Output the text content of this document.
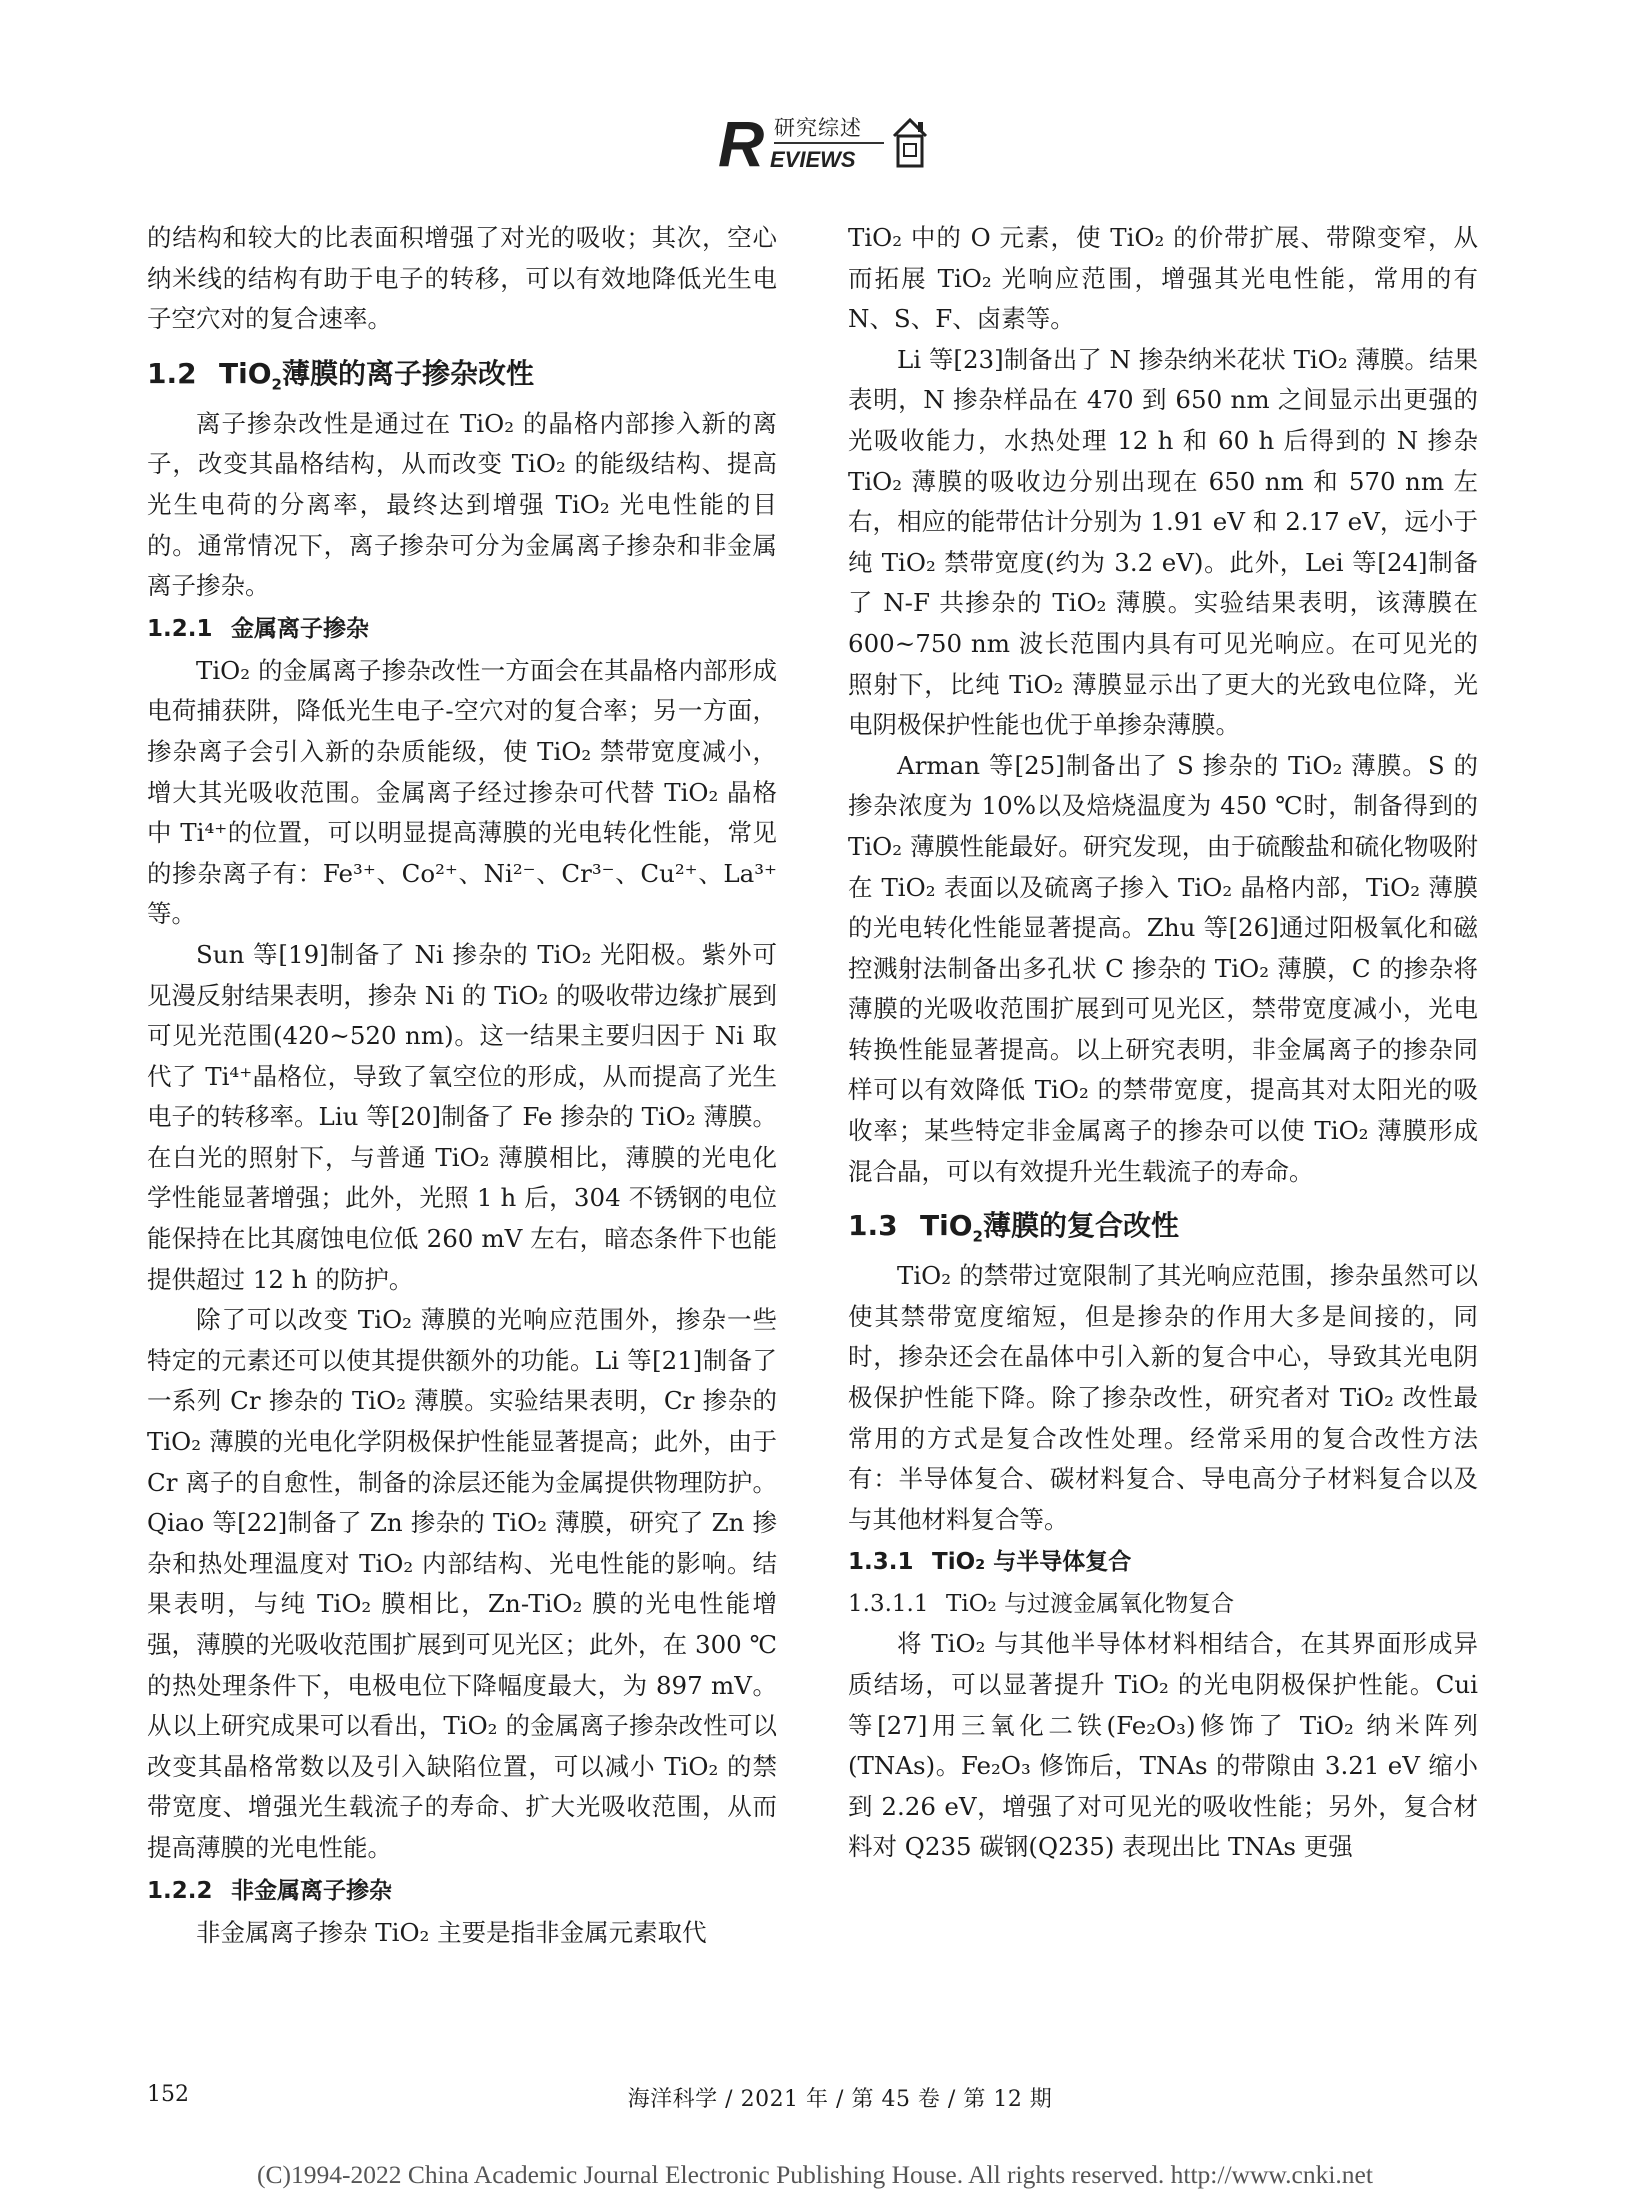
R 研究综述
EVIEWS

的结构和较大的比表面积增强了对光的吸收；其次，空心纳米线的结构有助于电子的转移，可以有效地降低光生电子空穴对的复合速率。

1.2 TiO$_2$薄膜的离子掺杂改性

离子掺杂改性是通过在 TiO₂ 的晶格内部掺入新的离子，改变其晶格结构，从而改变 TiO₂ 的能级结构、提高光生电荷的分离率，最终达到增强 TiO₂ 光电性能的目的。通常情况下，离子掺杂可分为金属离子掺杂和非金属离子掺杂。

1.2.1 金属离子掺杂

TiO₂ 的金属离子掺杂改性一方面会在其晶格内部形成电荷捕获阱，降低光生电子-空穴对的复合率；另一方面，掺杂离子会引入新的杂质能级，使 TiO₂ 禁带宽度减小，增大其光吸收范围。金属离子经过掺杂可代替 TiO₂ 晶格中 Ti⁴⁺的位置，可以明显提高薄膜的光电转化性能，常见的掺杂离子有：Fe³⁺、Co²⁺、Ni²⁻、Cr³⁻、Cu²⁺、La³⁺等。

Sun 等[19]制备了 Ni 掺杂的 TiO₂ 光阳极。紫外可见漫反射结果表明，掺杂 Ni 的 TiO₂ 的吸收带边缘扩展到可见光范围(420~520 nm)。这一结果主要归因于 Ni 取代了 Ti⁴⁺晶格位，导致了氧空位的形成，从而提高了光生电子的转移率。Liu 等[20]制备了 Fe 掺杂的 TiO₂ 薄膜。在白光的照射下，与普通 TiO₂ 薄膜相比，薄膜的光电化学性能显著增强；此外，光照 1 h 后，304 不锈钢的电位能保持在比其腐蚀电位低 260 mV 左右，暗态条件下也能提供超过 12 h 的防护。

除了可以改变 TiO₂ 薄膜的光响应范围外，掺杂一些特定的元素还可以使其提供额外的功能。Li 等[21]制备了一系列 Cr 掺杂的 TiO₂ 薄膜。实验结果表明，Cr 掺杂的 TiO₂ 薄膜的光电化学阴极保护性能显著提高；此外，由于 Cr 离子的自愈性，制备的涂层还能为金属提供物理防护。Qiao 等[22]制备了 Zn 掺杂的 TiO₂ 薄膜，研究了 Zn 掺杂和热处理温度对 TiO₂ 内部结构、光电性能的影响。结果表明，与纯 TiO₂ 膜相比，Zn-TiO₂ 膜的光电性能增强，薄膜的光吸收范围扩展到可见光区；此外，在 300 ℃的热处理条件下，电极电位下降幅度最大，为 897 mV。从以上研究成果可以看出，TiO₂ 的金属离子掺杂改性可以改变其晶格常数以及引入缺陷位置，可以减小 TiO₂ 的禁带宽度、增强光生载流子的寿命、扩大光吸收范围，从而提高薄膜的光电性能。

1.2.2 非金属离子掺杂

非金属离子掺杂 TiO₂ 主要是指非金属元素取代

TiO₂ 中的 O 元素，使 TiO₂ 的价带扩展、带隙变窄，从而拓展 TiO₂ 光响应范围，增强其光电性能，常用的有 N、S、F、卤素等。

Li 等[23]制备出了 N 掺杂纳米花状 TiO₂ 薄膜。结果表明，N 掺杂样品在 470 到 650 nm 之间显示出更强的光吸收能力，水热处理 12 h 和 60 h 后得到的 N 掺杂 TiO₂ 薄膜的吸收边分别出现在 650 nm 和 570 nm 左右，相应的能带估计分别为 1.91 eV 和 2.17 eV，远小于纯 TiO₂ 禁带宽度(约为 3.2 eV)。此外，Lei 等[24]制备了 N-F 共掺杂的 TiO₂ 薄膜。实验结果表明，该薄膜在 600~750 nm 波长范围内具有可见光响应。在可见光的照射下，比纯 TiO₂ 薄膜显示出了更大的光致电位降，光电阴极保护性能也优于单掺杂薄膜。

Arman 等[25]制备出了 S 掺杂的 TiO₂ 薄膜。S 的掺杂浓度为 10%以及焙烧温度为 450 ℃时，制备得到的 TiO₂ 薄膜性能最好。研究发现，由于硫酸盐和硫化物吸附在 TiO₂ 表面以及硫离子掺入 TiO₂ 晶格内部，TiO₂ 薄膜的光电转化性能显著提高。Zhu 等[26]通过阳极氧化和磁控溅射法制备出多孔状 C 掺杂的 TiO₂ 薄膜，C 的掺杂将薄膜的光吸收范围扩展到可见光区，禁带宽度减小，光电转换性能显著提高。以上研究表明，非金属离子的掺杂同样可以有效降低 TiO₂ 的禁带宽度，提高其对太阳光的吸收率；某些特定非金属离子的掺杂可以使 TiO₂ 薄膜形成混合晶，可以有效提升光生载流子的寿命。

1.3 TiO$_2$薄膜的复合改性

TiO₂ 的禁带过宽限制了其光响应范围，掺杂虽然可以使其禁带宽度缩短，但是掺杂的作用大多是间接的，同时，掺杂还会在晶体中引入新的复合中心，导致其光电阴极保护性能下降。除了掺杂改性，研究者对 TiO₂ 改性最常用的方式是复合改性处理。经常采用的复合改性方法有：半导体复合、碳材料复合、导电高分子材料复合以及与其他材料复合等。

1.3.1 TiO₂ 与半导体复合
1.3.1.1 TiO₂ 与过渡金属氧化物复合

将 TiO₂ 与其他半导体材料相结合，在其界面形成异质结场，可以显著提升 TiO₂ 的光电阴极保护性能。Cui 等[27]用三氧化二铁(Fe₂O₃)修饰了 TiO₂ 纳米阵列(TNAs)。Fe₂O₃ 修饰后，TNAs 的带隙由 3.21 eV 缩小到 2.26 eV，增强了对可见光的吸收性能；另外，复合材料对 Q235 碳钢(Q235) 表现出比 TNAs 更强

152	海洋科学 / 2021 年 / 第 45 卷 / 第 12 期
(C)1994-2022 China Academic Journal Electronic Publishing House. All rights reserved. http://www.cnki.net
